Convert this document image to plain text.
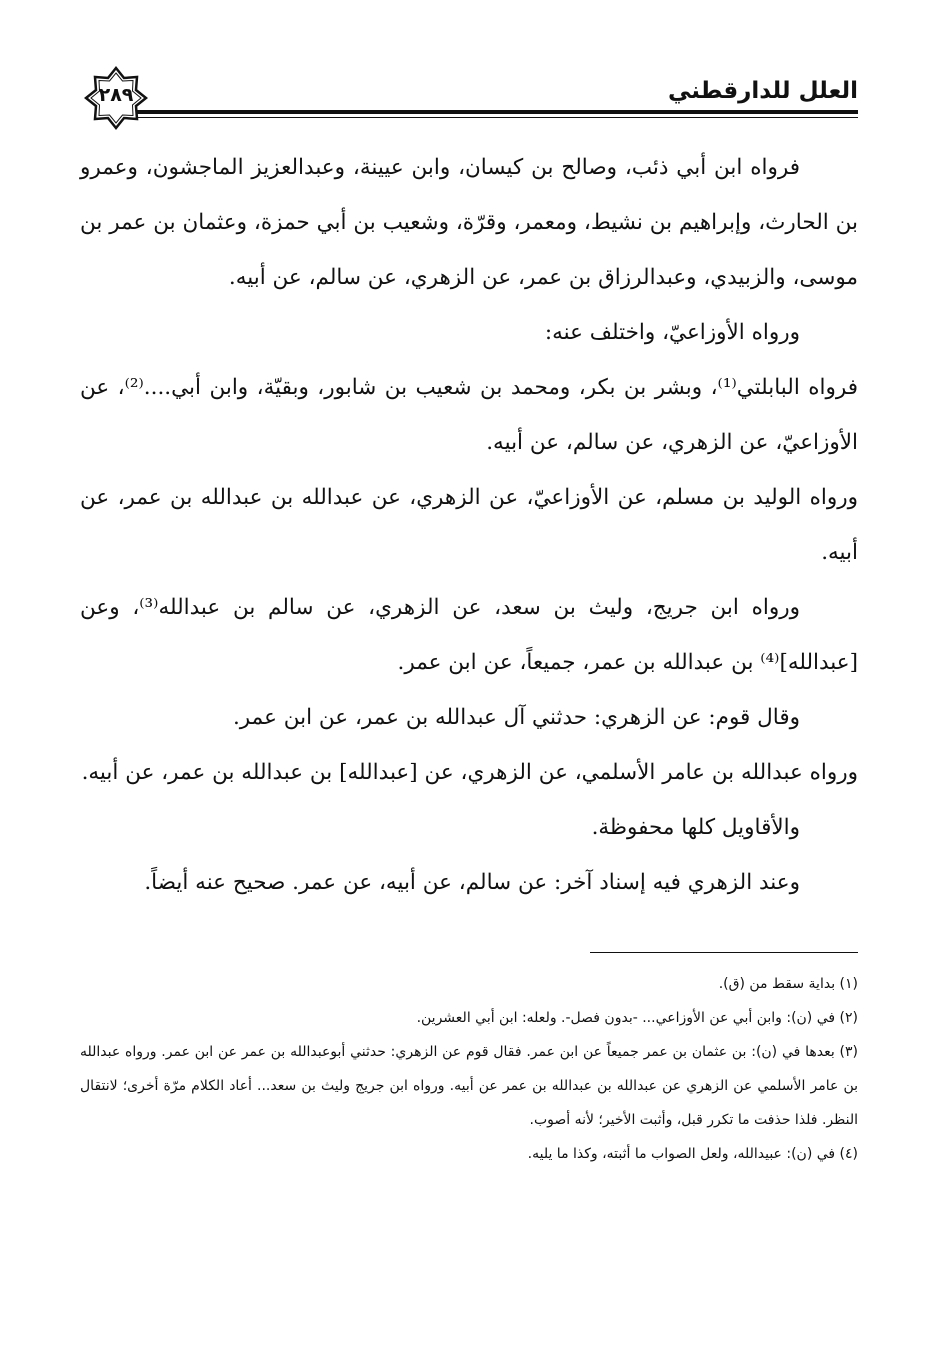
٢٨٩	العلل للدارقطني

فرواه ابن أبي ذئب، وصالح بن كيسان، وابن عيينة، وعبدالعزيز الماجشون، وعمرو بن الحارث، وإبراهيم بن نشيط، ومعمر، وقرّة، وشعيب بن أبي حمزة، وعثمان بن عمر بن موسى، والزبيدي، وعبدالرزاق بن عمر، عن الزهري، عن سالم، عن أبيه.

ورواه الأوزاعيّ، واختلف عنه:

فرواه البابلتي⁽¹⁾، وبشر بن بكر، ومحمد بن شعيب بن شابور، وبقيّة، وابن أبي....⁽²⁾، عن الأوزاعيّ، عن الزهري، عن سالم، عن أبيه.

ورواه الوليد بن مسلم، عن الأوزاعيّ، عن الزهري، عن عبدالله بن عبدالله بن عمر، عن أبيه.

ورواه ابن جريج، وليث بن سعد، عن الزهري، عن سالم بن عبدالله⁽³⁾، وعن [عبدالله]⁽⁴⁾ بن عبدالله بن عمر، جميعاً، عن ابن عمر.

وقال قوم: عن الزهري: حدثني آل عبدالله بن عمر، عن ابن عمر.

ورواه عبدالله بن عامر الأسلمي، عن الزهري، عن [عبدالله] بن عبدالله بن عمر، عن أبيه.

والأقاويل كلها محفوظة.

وعند الزهري فيه إسناد آخر: عن سالم، عن أبيه، عن عمر. صحيح عنه أيضاً.

(١) بداية سقط من (ق).

(٢) في (ن): وابن أبي عن الأوزاعي... -بدون فصل-. ولعله: ابن أبي العشرين.

(٣) بعدها في (ن): بن عثمان بن عمر جميعاً عن ابن عمر. فقال قوم عن الزهري: حدثني أبوعبدالله بن عمر عن ابن عمر. ورواه عبدالله بن عامر الأسلمي عن الزهري عن عبدالله بن عبدالله بن عمر عن أبيه. ورواه ابن جريج وليث بن سعد... أعاد الكلام مرّة أخرى؛ لانتقال النظر. فلذا حذفت ما تكرر قبل، وأثبت الأخير؛ لأنه أصوب.

(٤) في (ن): عبيدالله، ولعل الصواب ما أثبته، وكذا ما يليه.
